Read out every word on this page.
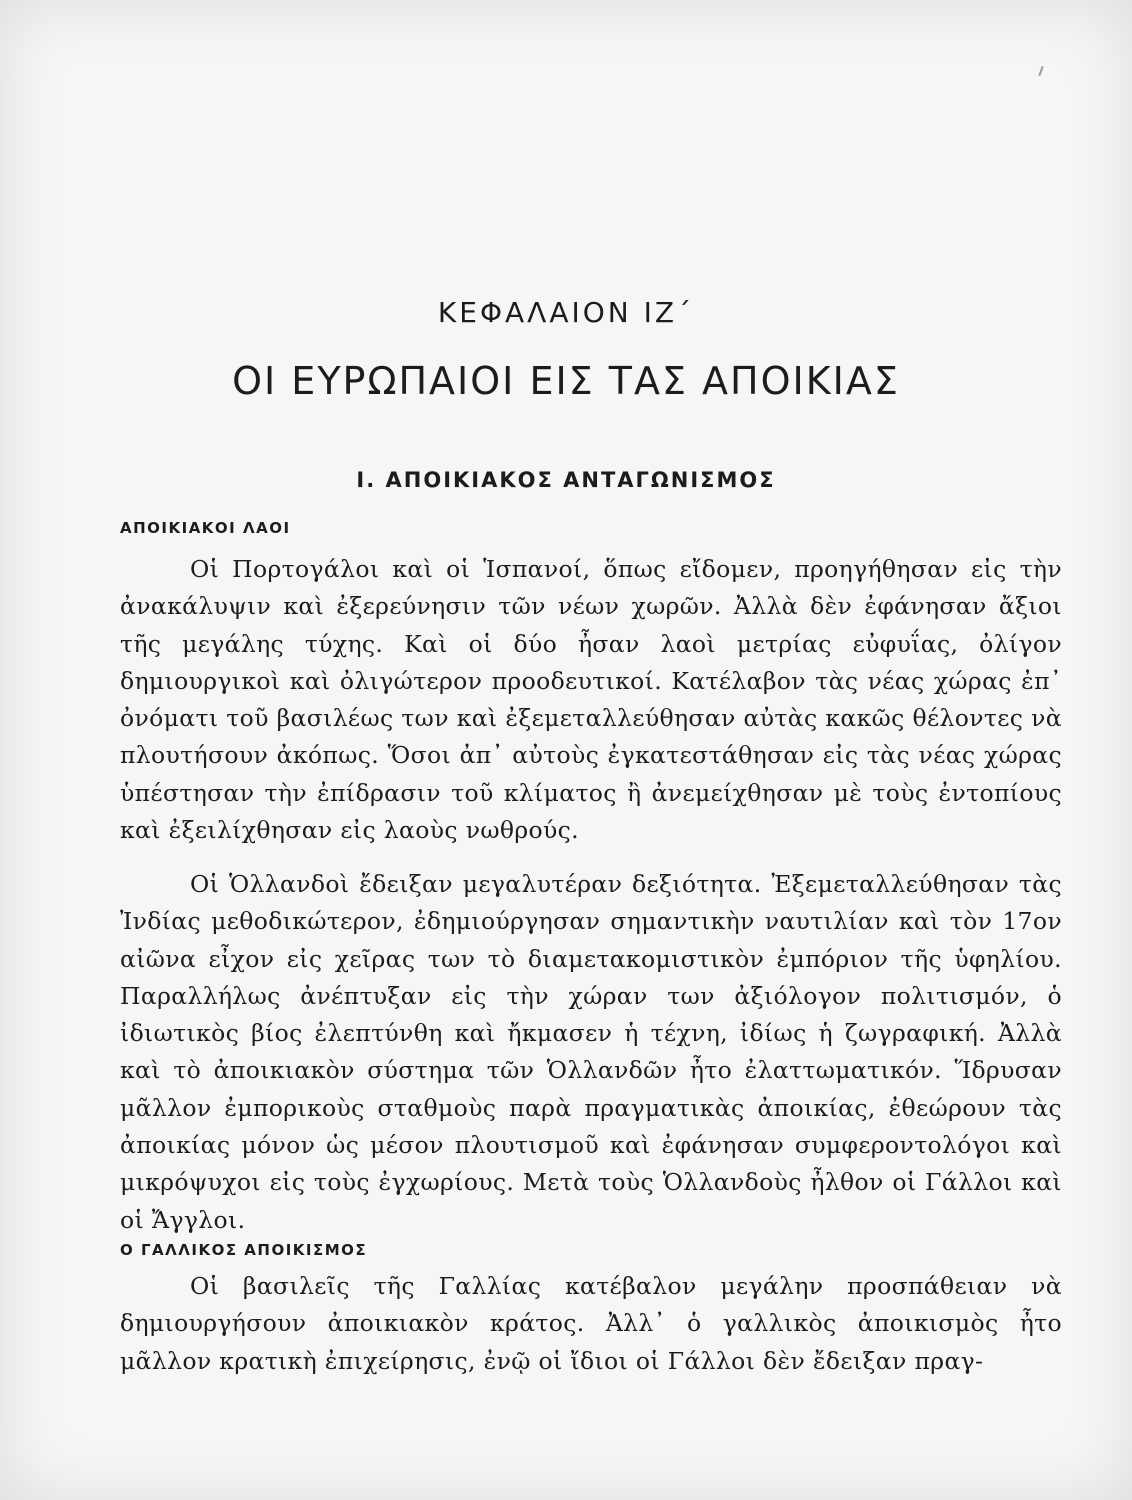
ΚΕΦΑΛΑΙΟΝ ΙΖ΄
ΟΙ ΕΥΡΩΠΑΙΟΙ ΕΙΣ ΤΑΣ ΑΠΟΙΚΙΑΣ
Ι. ΑΠΟΙΚΙΑΚΟΣ ΑΝΤΑΓΩΝΙΣΜΟΣ
ΑΠΟΙΚΙΑΚΟΙ ΛΑΟΙ

Οἱ Πορτογάλοι καὶ οἱ Ἱσπανοί, ὅπως εἴδομεν, προηγήθησαν εἰς τὴν ἀνακάλυψιν καὶ ἐξερεύνησιν τῶν νέων χωρῶν. Ἀλλὰ δὲν ἐφάνησαν ἄξιοι τῆς μεγάλης τύχης. Καὶ οἱ δύο ἦσαν λαοὶ μετρίας εὐφυΐας, ὀλίγον δημιουργικοὶ καὶ ὀλιγώτερον προοδευτικοί. Κατέλαβον τὰς νέας χώρας ἐπ᾽ ὀνόματι τοῦ βασιλέως των καὶ ἐξεμεταλλεύθησαν αὐτὰς κακῶς θέλοντες νὰ πλουτήσουν ἀκόπως. Ὅσοι ἀπ᾽ αὐτοὺς ἐγκατεστάθησαν εἰς τὰς νέας χώρας ὑπέστησαν τὴν ἐπίδρασιν τοῦ κλίματος ἢ ἀνεμείχθησαν μὲ τοὺς ἐντοπίους καὶ ἐξειλίχθησαν εἰς λαοὺς νωθρούς.

Οἱ Ὁλλανδοὶ ἔδειξαν μεγαλυτέραν δεξιότητα. Ἐξεμεταλλεύθησαν τὰς Ἰνδίας μεθοδικώτερον, ἐδημιούργησαν σημαντικὴν ναυτιλίαν καὶ τὸν 17ον αἰῶνα εἶχον εἰς χεῖρας των τὸ διαμετακομιστικὸν ἐμπόριον τῆς ὑφηλίου. Παραλλήλως ἀνέπτυξαν εἰς τὴν χώραν των ἀξιόλογον πολιτισμόν, ὁ ἰδιωτικὸς βίος ἐλεπτύνθη καὶ ἤκμασεν ἡ τέχνη, ἰδίως ἡ ζωγραφική. Ἀλλὰ καὶ τὸ ἀποικιακὸν σύστημα τῶν Ὁλλανδῶν ἦτο ἐλαττωματικόν. Ἵδρυσαν μᾶλλον ἐμπορικοὺς σταθμοὺς παρὰ πραγματικὰς ἀποικίας, ἐθεώρουν τὰς ἀποικίας μόνον ὡς μέσον πλουτισμοῦ καὶ ἐφάνησαν συμφεροντολόγοι καὶ μικρόψυχοι εἰς τοὺς ἐγχωρίους. Μετὰ τοὺς Ὁλλανδοὺς ἦλθον οἱ Γάλλοι καὶ οἱ Ἄγγλοι.

Ο ΓΑΛΛΙΚΟΣ ΑΠΟΙΚΙΣΜΟΣ

Οἱ βασιλεῖς τῆς Γαλλίας κατέβαλον μεγάλην προσπάθειαν νὰ δημιουργήσουν ἀποικιακὸν κράτος. Ἀλλ᾽ ὁ γαλλικὸς ἀποικισμὸς ἦτο μᾶλλον κρατικὴ ἐπιχείρησις, ἐνῷ οἱ ἴδιοι οἱ Γάλλοι δὲν ἔδειξαν πραγ-
